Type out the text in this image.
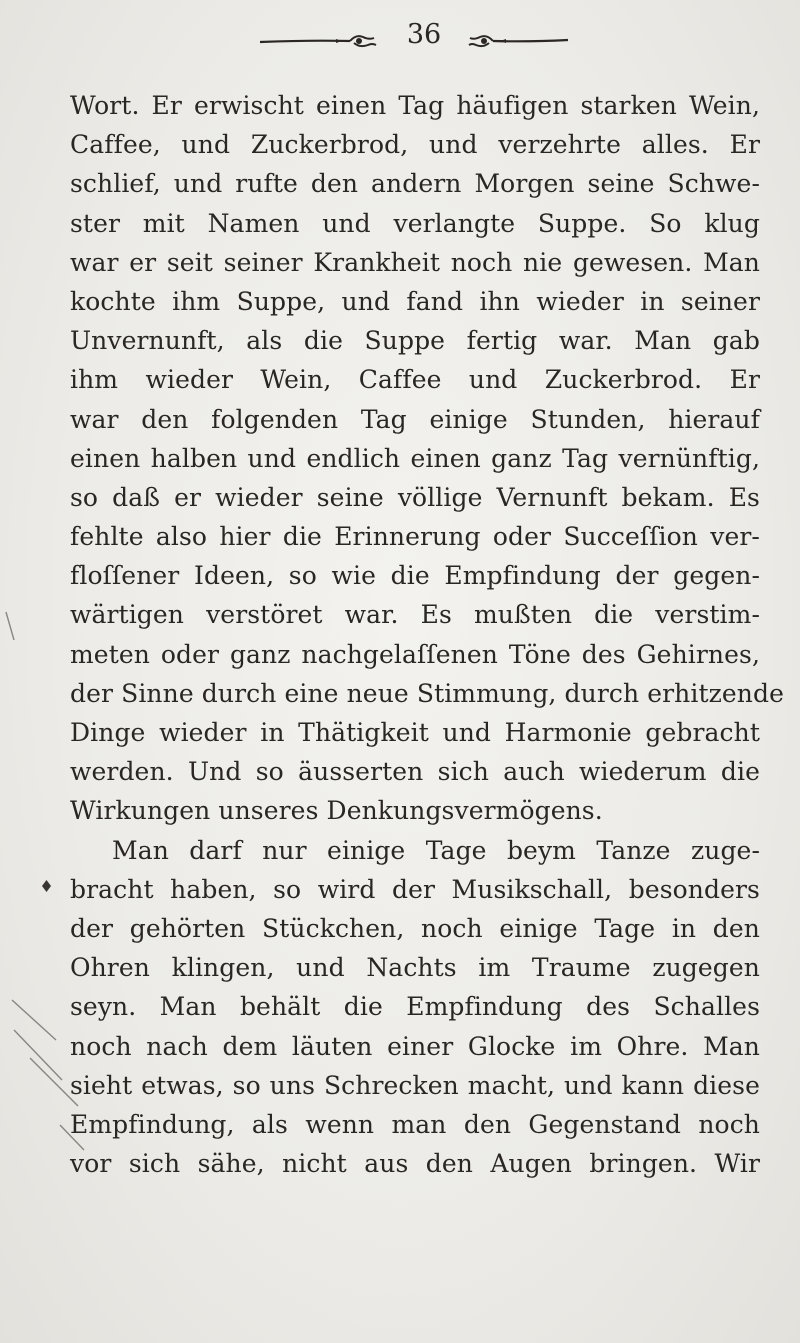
36
Wort. Er erwischt einen Tag häufigen starken Wein,
Caffee, und Zuckerbrod, und verzehrte alles. Er
schlief, und rufte den andern Morgen seine Schwe-
ster mit Namen und verlangte Suppe. So klug
war er seit seiner Krankheit noch nie gewesen. Man
kochte ihm Suppe, und fand ihn wieder in seiner
Unvernunft, als die Suppe fertig war. Man gab
ihm wieder Wein, Caffee und Zuckerbrod. Er
war den folgenden Tag einige Stunden, hierauf
einen halben und endlich einen ganz Tag vernünftig,
so daß er wieder seine völlige Vernunft bekam. Es
fehlte also hier die Erinnerung oder Succeſſion ver-
floſſener Ideen, so wie die Empfindung der gegen-
wärtigen verstöret war. Es mußten die verstim-
meten oder ganz nachgelaſſenen Töne des Gehirnes,
der Sinne durch eine neue Stimmung, durch erhitzende
Dinge wieder in Thätigkeit und Harmonie gebracht
werden. Und so äusserten sich auch wiederum die
Wirkungen unseres Denkungsvermögens.
Man darf nur einige Tage beym Tanze zuge-
bracht haben, so wird der Musikschall, besonders
der gehörten Stückchen, noch einige Tage in den
Ohren klingen, und Nachts im Traume zugegen
seyn. Man behält die Empfindung des Schalles
noch nach dem läuten einer Glocke im Ohre. Man
sieht etwas, so uns Schrecken macht, und kann diese
Empfindung, als wenn man den Gegenstand noch
vor sich sähe, nicht aus den Augen bringen. Wir
